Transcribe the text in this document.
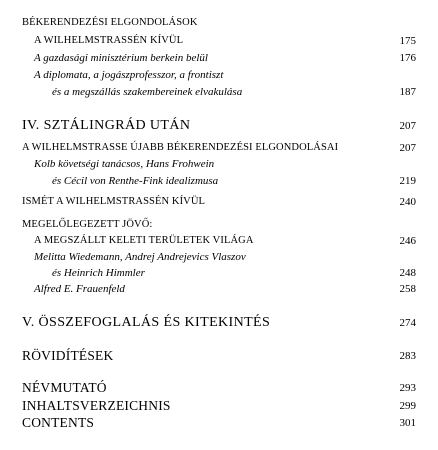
BÉKERENDEZÉSI ELGONDOLÁSOK
A WILHELMSTRASSÉN KÍVÜL	175
A gazdasági minisztérium berkein belül	176
A diplomata, a jogászprofesszor, a frontiszt
és a megszállás szakembereinek elvakulása	187
IV. SZTÁLINGRÁD UTÁN	207
A WILHELMSTRASSE ÚJABB BÉKERENDEZÉSI ELGONDOLÁSAI	207
Kolb követségi tanácsos, Hans Frohwein
és Cécil von Renthe-Fink idealizmusa	219
ISMÉT A WILHELMSTRASSÉN KÍVÜL	240
MEGELŐLEGEZETT JÖVŐ:
A MEGSZÁLLT KELETI TERÜLETEK VILÁGA	246
Melitta Wiedemann, Andrej Andrejevics Vlaszov
és Heinrich Himmler	248
Alfred E. Frauenfeld	258
V. ÖSSZEFOGLALÁS ÉS KITEKINTÉS	274
RÖVIDÍTÉSEK	283
NÉVMUTATÓ	293
INHALTSVERZEICHNIS	299
CONTENTS	301
